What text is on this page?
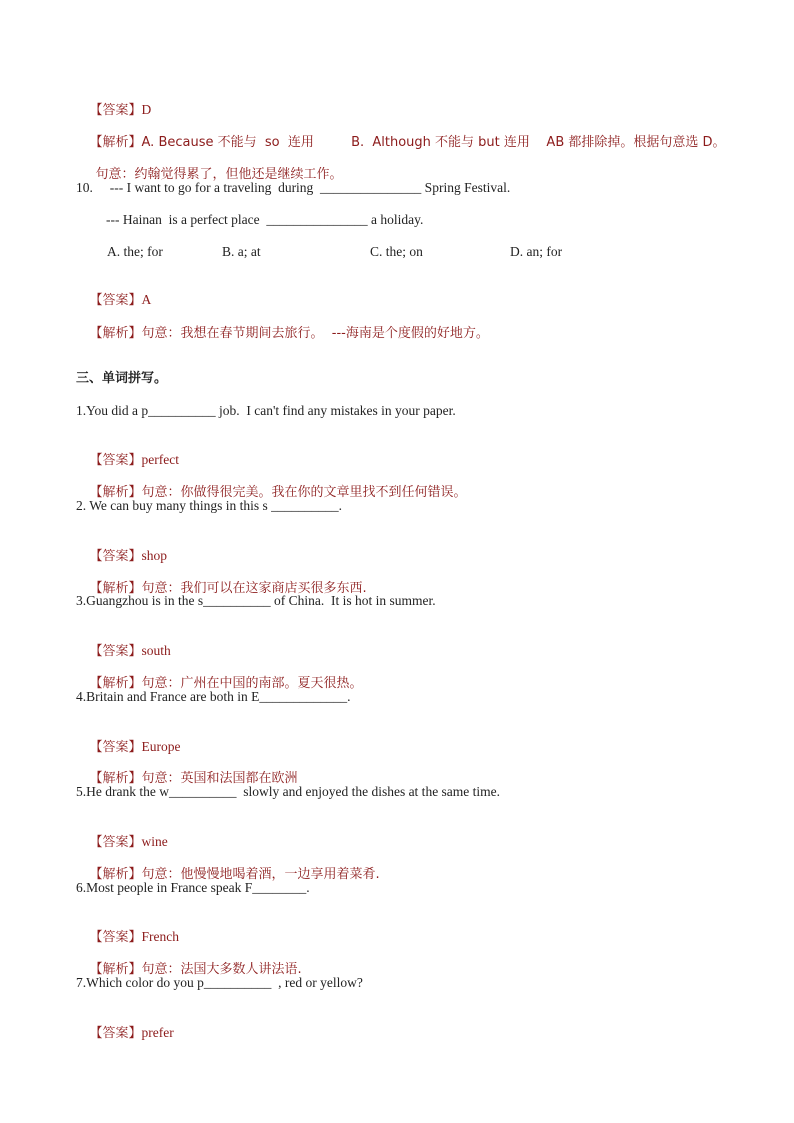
【答案】D

【解析】A. Because 不能与  so  连用         B.  Although 不能与 but 连用    AB 都排除掉。根据句意选 D。

句意：约翰觉得累了，但他还是继续工作。

10.     --- I want to go for a traveling  during  _______________ Spring Festival.
--- Hainan  is a perfect place  _______________ a holiday.
A. the; for	B. a; at	C. the; on	D. an; for

【答案】A

【解析】句意：我想在春节期间去旅行。  ---海南是个度假的好地方。

三、单词拼写。
1.You did a p__________ job.  I can't find any mistakes in your paper.

【答案】perfect

【解析】句意：你做得很完美。我在你的文章里找不到任何错误。

2. We can buy many things in this s __________.

【答案】shop

【解析】句意：我们可以在这家商店买很多东西.

3.Guangzhou is in the s__________ of China.  It is hot in summer.

【答案】south

【解析】句意：广州在中国的南部。夏天很热。

4.Britain and France are both in E_____________.

【答案】Europe

【解析】句意：英国和法国都在欧洲

5.He drank the w__________  slowly and enjoyed the dishes at the same time.

【答案】wine

【解析】句意：他慢慢地喝着酒，一边享用着菜肴.

6.Most people in France speak F________.

【答案】French

【解析】句意：法国大多数人讲法语.

7.Which color do you p__________  , red or yellow?

【答案】prefer
